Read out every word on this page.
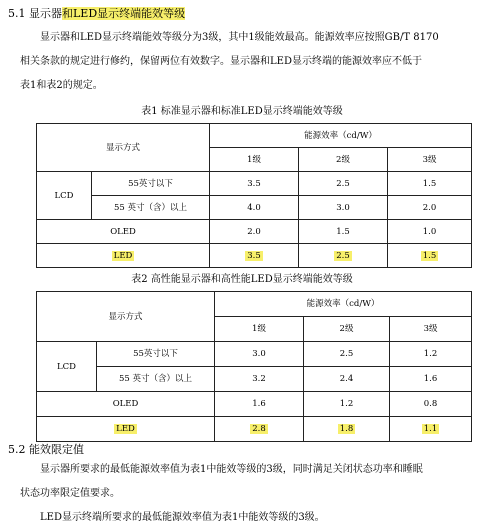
5.1 显示器和LED显示终端能效等级
显示器和LED显示终端能效等级分为3级，其中1级能效最高。能源效率应按照GB/T 8170
相关条款的规定进行修约，保留两位有效数字。显示器和LED显示终端的能源效率应不低于
表1和表2的规定。
表1 标准显示器和标准LED显示终端能效等级
显示方式		能源效率（cd/W）		
		1级	2级	3级
LCD	55英寸以下	3.5	2.5	1.5
	55 英寸（含）以上	4.0	3.0	2.0
OLED		2.0	1.5	1.0
LED		3.5	2.5	1.5
表2 高性能显示器和高性能LED显示终端能效等级
显示方式		能源效率（cd/W）		
		1级	2级	3级
LCD	55英寸以下	3.0	2.5	1.2
	55 英寸（含）以上	3.2	2.4	1.6
OLED		1.6	1.2	0.8
LED		2.8	1.8	1.1
5.2 能效限定值
显示器所要求的最低能源效率值为表1中能效等级的3级，同时满足关闭状态功率和睡眠
状态功率限定值要求。
LED显示终端所要求的最低能源效率值为表1中能效等级的3级。
